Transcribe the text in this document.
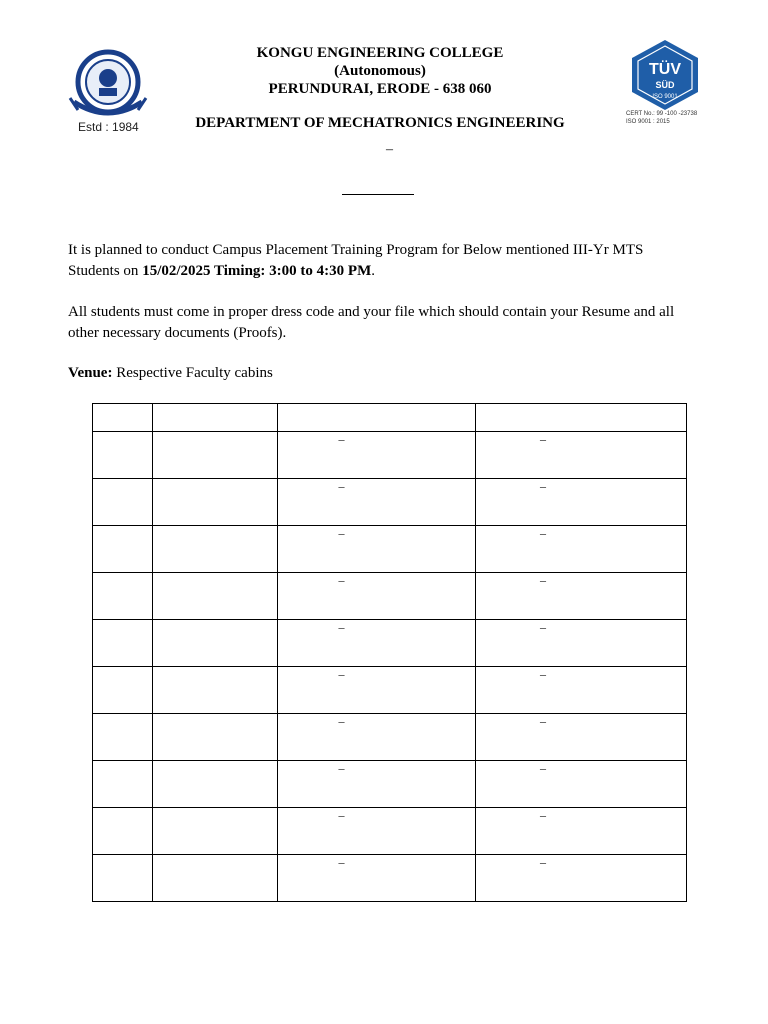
Estd : 1984
TÜV
SÜD
ISO 9001
CERT No.: 99 -100 -23738
ISO 9001 : 2015
KONGU ENGINEERING COLLEGE
(Autonomous)
PERUNDURAI, ERODE - 638 060
DEPARTMENT OF MECHATRONICS ENGINEERING
–
It is planned to conduct Campus Placement Training Program for Below mentioned III-Yr MTS Students on 15/02/2025 Timing: 3:00 to 4:30 PM.
All students must come in proper dress code and your file which should contain your Resume and all other necessary documents (Proofs).
Venue: Respective Faculty cabins

		–	–
		–	–
		–	–
		–	–
		–	–
		–	–
		–	–
		–	–
		–	–
		–	–
